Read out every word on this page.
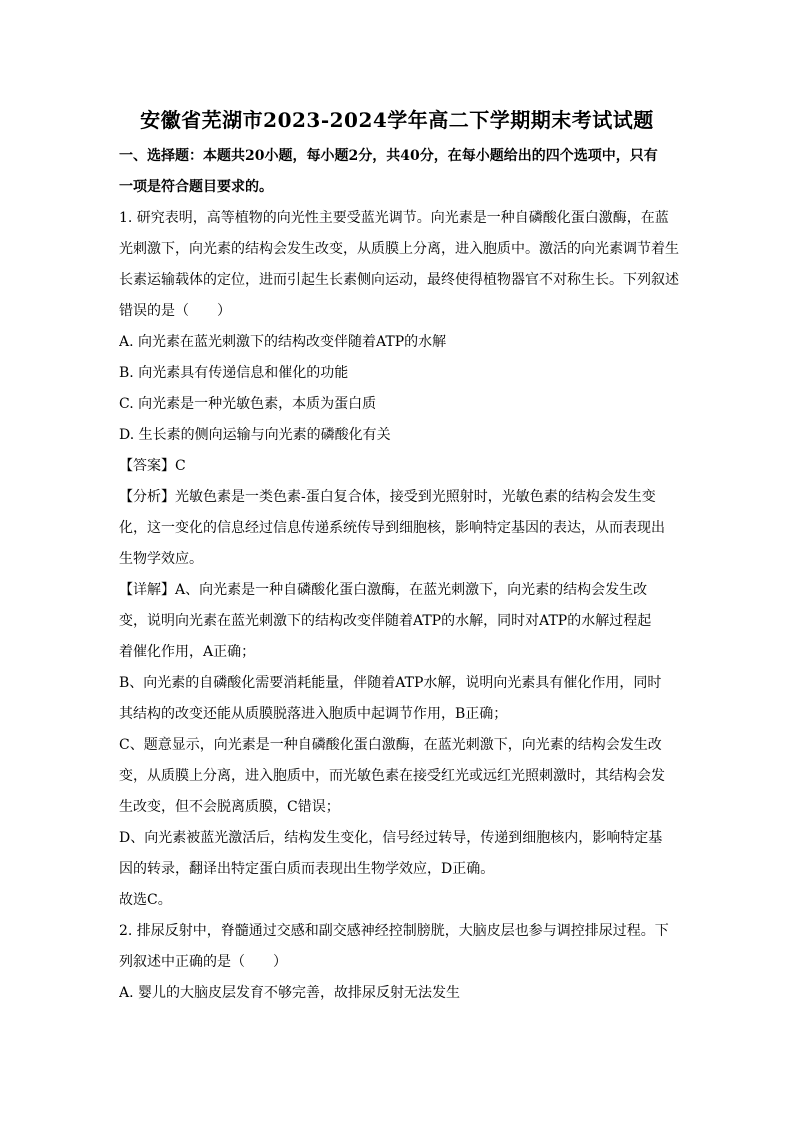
安徽省芜湖市2023-2024学年高二下学期期末考试试题
一、选择题：本题共20小题，每小题2分，共40分，在每小题给出的四个选项中，只有
一项是符合题目要求的。
1. 研究表明，高等植物的向光性主要受蓝光调节。向光素是一种自磷酸化蛋白激酶，在蓝
光刺激下，向光素的结构会发生改变，从质膜上分离，进入胞质中。激活的向光素调节着生
长素运输载体的定位，进而引起生长素侧向运动，最终使得植物器官不对称生长。下列叙述
错误的是（　　）
A. 向光素在蓝光刺激下的结构改变伴随着ATP的水解
B. 向光素具有传递信息和催化的功能
C. 向光素是一种光敏色素，本质为蛋白质
D. 生长素的侧向运输与向光素的磷酸化有关
【答案】C
【分析】光敏色素是一类色素-蛋白复合体，接受到光照射时，光敏色素的结构会发生变
化，这一变化的信息经过信息传递系统传导到细胞核，影响特定基因的表达，从而表现出
生物学效应。
【详解】A、向光素是一种自磷酸化蛋白激酶，在蓝光刺激下，向光素的结构会发生改
变，说明向光素在蓝光刺激下的结构改变伴随着ATP的水解，同时对ATP的水解过程起
着催化作用，A正确；
B、向光素的自磷酸化需要消耗能量，伴随着ATP水解，说明向光素具有催化作用，同时
其结构的改变还能从质膜脱落进入胞质中起调节作用，B正确；
C、题意显示，向光素是一种自磷酸化蛋白激酶，在蓝光刺激下，向光素的结构会发生改
变，从质膜上分离，进入胞质中，而光敏色素在接受红光或远红光照刺激时，其结构会发
生改变，但不会脱离质膜，C错误；
D、向光素被蓝光激活后，结构发生变化，信号经过转导，传递到细胞核内，影响特定基
因的转录，翻译出特定蛋白质而表现出生物学效应，D正确。
故选C。
2. 排尿反射中，脊髓通过交感和副交感神经控制膀胱，大脑皮层也参与调控排尿过程。下
列叙述中正确的是（　　）
A. 婴儿的大脑皮层发育不够完善，故排尿反射无法发生
